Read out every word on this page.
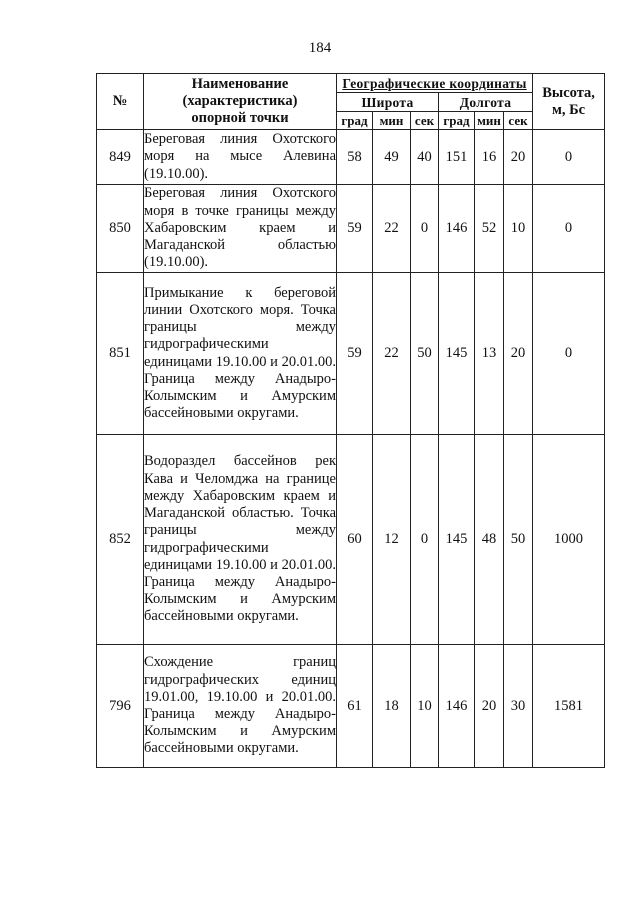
184
№	Наименование
(характеристика)
опорной точки	Географические координаты						Высота,
м, Бс
		Широта			Долгота			
		град	мин	сек	град	мин	сек	
849	Береговая линия Охотского моря на мысе Алевина (19.10.00).	58	49	40	151	16	20	0
850	Береговая линия Охотского моря в точке границы между Хабаровским краем и Магаданской областью (19.10.00).	59	22	0	146	52	10	0
851	Примыкание к береговой линии Охотского моря. Точка границы между гидрографическими единицами 19.10.00 и 20.01.00. Граница между Анадыро-Колымским и Амурским бассейновыми округами.	59	22	50	145	13	20	0
852	Водораздел бассейнов рек Кава и Челомджа на границе между Хабаровским краем и Магаданской областью. Точка границы между гидрографическими единицами 19.10.00 и 20.01.00. Граница между Анадыро-Колымским и Амурским бассейновыми округами.	60	12	0	145	48	50	1000
796	Схождение границ гидрографических единиц 19.01.00, 19.10.00 и 20.01.00. Граница между Анадыро-Колымским и Амурским бассейновыми округами.	61	18	10	146	20	30	1581
